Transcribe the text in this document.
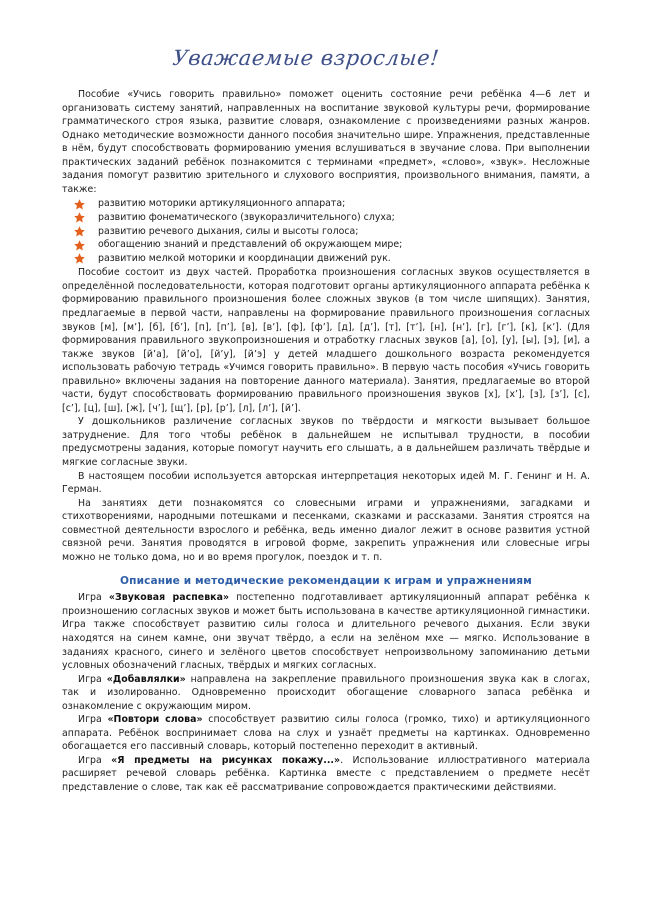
Уважаемые взрослые!

Пособие «Учись говорить правильно» поможет оценить состояние речи ребёнка 4—6 лет и организовать систему занятий, направленных на воспитание звуковой культуры речи, формирование грамматического строя языка, развитие словаря, ознакомление с произведениями разных жанров. Однако методические возможности данного пособия значительно шире. Упражнения, представленные в нём, будут способствовать формированию умения вслушиваться в звучание слова. При выполнении практических заданий ребёнок познакомится с терминами «предмет», «слово», «звук». Несложные задания помогут развитию зрительного и слухового восприятия, произвольного внимания, памяти, а также:

развитию моторики артикуляционного аппарата;
развитию фонематического (звукоразличительного) слуха;
развитию речевого дыхания, силы и высоты голоса;
обогащению знаний и представлений об окружающем мире;
развитию мелкой моторики и координации движений рук.

Пособие состоит из двух частей. Проработка произношения согласных звуков осуществляется в определённой последовательности, которая подготовит органы артикуляционного аппарата ребёнка к формированию правильного произношения более сложных звуков (в том числе шипящих). Занятия, предлагаемые в первой части, направлены на формирование правильного произношения согласных звуков [м], [м’], [б], [б’], [п], [п’], [в], [в’], [ф], [ф’], [д], [д’], [т], [т’], [н], [н’], [г], [г’], [к], [к’]. (Для формирования правильного звукопроизношения и отработку гласных звуков [а], [о], [у], [ы], [э], [и], а также звуков [й’а], [й’о], [й’у], [й’э] у детей младшего дошкольного возраста рекомендуется использовать рабочую тетрадь «Учимся говорить правильно». В первую часть пособия «Учись говорить правильно» включены задания на повторение данного материала). Занятия, предлагаемые во второй части, будут способствовать формированию правильного произношения звуков [х], [х’], [з], [з’], [с], [с’], [ц], [ш], [ж], [ч’], [щ’], [р], [р’], [л], [л’], [й’].

У дошкольников различение согласных звуков по твёрдости и мягкости вызывает большое затруднение. Для того чтобы ребёнок в дальнейшем не испытывал трудности, в пособии предусмотрены задания, которые помогут научить его слышать, а в дальнейшем различать твёрдые и мягкие согласные звуки.

В настоящем пособии используется авторская интерпретация некоторых идей М. Г. Генинг и Н. А. Герман.

На занятиях дети познакомятся со словесными играми и упражнениями, загадками и стихотворениями, народными потешками и песенками, сказками и рассказами. Занятия строятся на совместной деятельности взрослого и ребёнка, ведь именно диалог лежит в основе развития устной связной речи. Занятия проводятся в игровой форме, закрепить упражнения или словесные игры можно не только дома, но и во время прогулок, поездок и т. п.

Описание и методические рекомендации к играм и упражнениям

Игра «Звуковая распевка» постепенно подготавливает артикуляционный аппарат ребёнка к произношению согласных звуков и может быть использована в качестве артикуляционной гимнастики. Игра также способствует развитию силы голоса и длительного речевого дыхания. Если звуки находятся на синем камне, они звучат твёрдо, а если на зелёном мхе — мягко. Использование в заданиях красного, синего и зелёного цветов способствует непроизвольному запоминанию детьми условных обозначений гласных, твёрдых и мягких согласных.

Игра «Добавлялки» направлена на закрепление правильного произношения звука как в слогах, так и изолированно. Одновременно происходит обогащение словарного запаса ребёнка и ознакомление с окружающим миром.

Игра «Повтори слова» способствует развитию силы голоса (громко, тихо) и артикуляционного аппарата. Ребёнок воспринимает слова на слух и узнаёт предметы на картинках. Одновременно обогащается его пассивный словарь, который постепенно переходит в активный.

Игра «Я предметы на рисунках покажу...». Использование иллюстративного материала расширяет речевой словарь ребёнка. Картинка вместе с представлением о предмете несёт представление о слове, так как её рассматривание сопровождается практическими действиями.
